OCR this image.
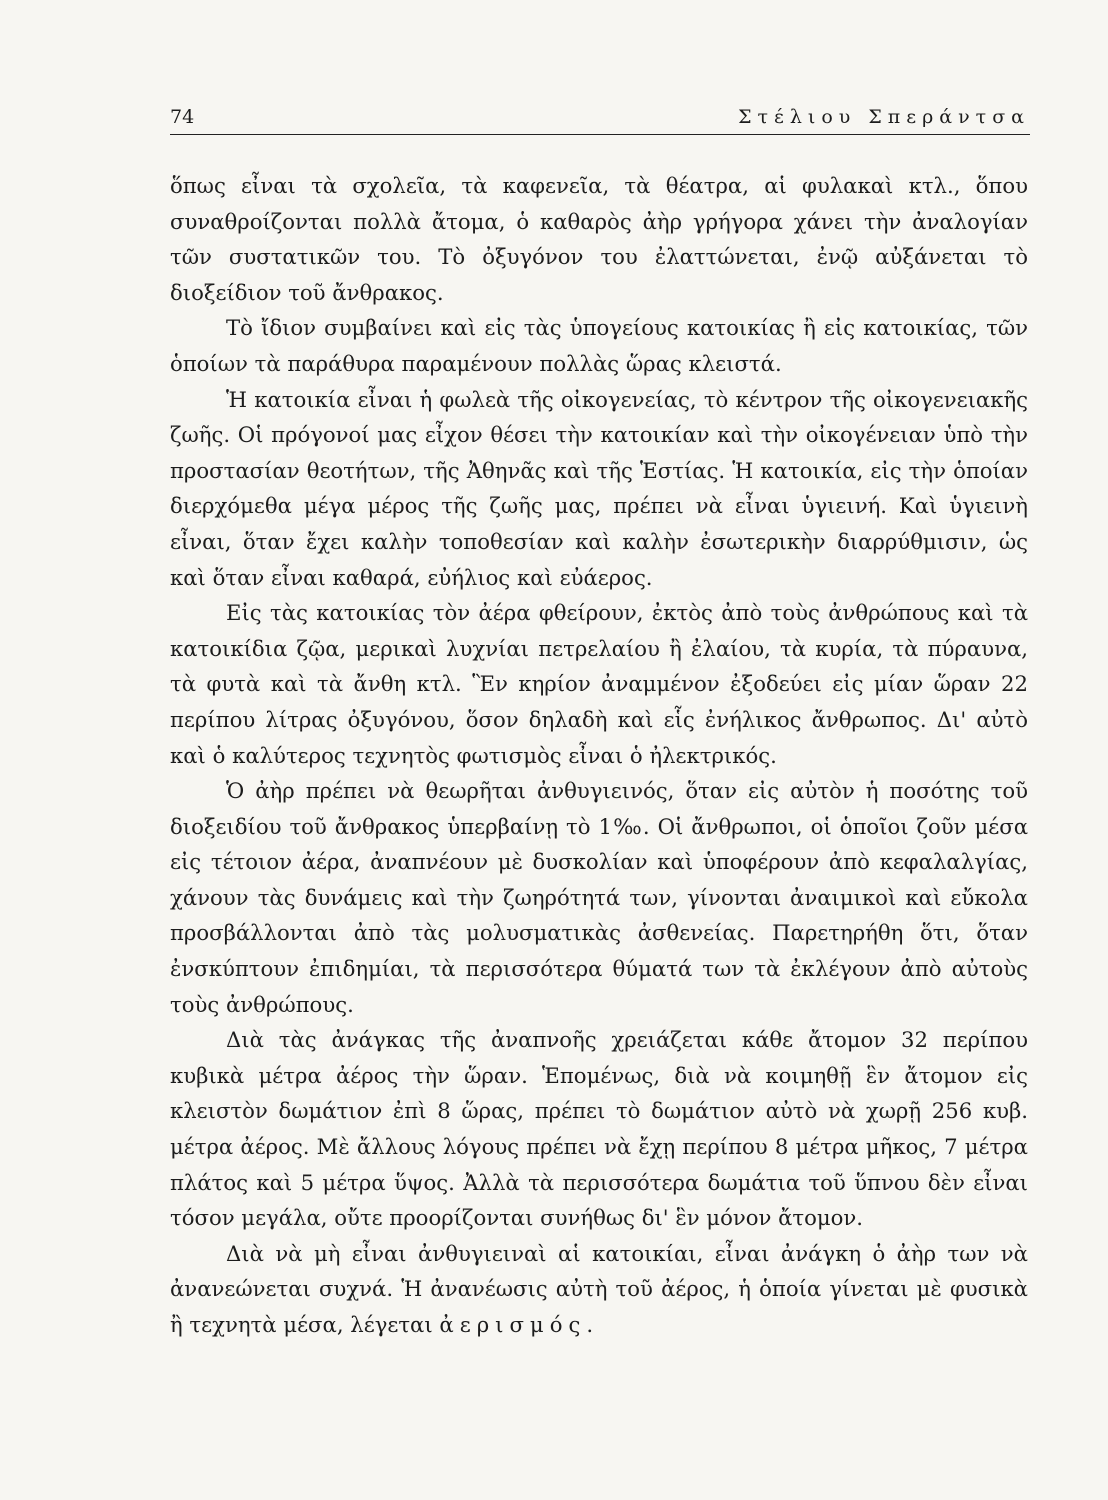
74	Στέλιου Σπεράντσα

ὅπως εἶναι τὰ σχολεῖα, τὰ καφενεῖα, τὰ θέατρα, αἱ φυλακαὶ κτλ., ὅπου συναθροίζονται πολλὰ ἄτομα, ὁ καθαρὸς ἀὴρ γρήγορα χάνει τὴν ἀναλογίαν τῶν συστατικῶν του. Τὸ ὀξυγόνον του ἐλαττώνεται, ἐνῷ αὐξάνεται τὸ διοξείδιον τοῦ ἄνθρακος.

Τὸ ἴδιον συμβαίνει καὶ εἰς τὰς ὑπογείους κατοικίας ἢ εἰς κατοικίας, τῶν ὁποίων τὰ παράθυρα παραμένουν πολλὰς ὥρας κλειστά.

Ἡ κατοικία εἶναι ἡ φωλεὰ τῆς οἰκογενείας, τὸ κέντρον τῆς οἰκογενειακῆς ζωῆς. Οἱ πρόγονοί μας εἶχον θέσει τὴν κατοικίαν καὶ τὴν οἰκογένειαν ὑπὸ τὴν προστασίαν θεοτήτων, τῆς Ἀθηνᾶς καὶ τῆς Ἑστίας. Ἡ κατοικία, εἰς τὴν ὁποίαν διερχόμεθα μέγα μέρος τῆς ζωῆς μας, πρέπει νὰ εἶναι ὑγιεινή. Καὶ ὑγιεινὴ εἶναι, ὅταν ἔχει καλὴν τοποθεσίαν καὶ καλὴν ἐσωτερικὴν διαρρύθμισιν, ὡς καὶ ὅταν εἶναι καθαρά, εὐήλιος καὶ εὐάερος.

Εἰς τὰς κατοικίας τὸν ἀέρα φθείρουν, ἐκτὸς ἀπὸ τοὺς ἀνθρώπους καὶ τὰ κατοικίδια ζῷα, μερικαὶ λυχνίαι πετρελαίου ἢ ἐλαίου, τὰ κυρία, τὰ πύραυνα, τὰ φυτὰ καὶ τὰ ἄνθη κτλ. Ἓν κηρίον ἀναμμένον ἐξοδεύει εἰς μίαν ὥραν 22 περίπου λίτρας ὀξυγόνου, ὅσον δηλαδὴ καὶ εἷς ἐνήλικος ἄνθρωπος. Δι' αὐτὸ καὶ ὁ καλύτερος τεχνητὸς φωτισμὸς εἶναι ὁ ἠλεκτρικός.

Ὁ ἀὴρ πρέπει νὰ θεωρῆται ἀνθυγιεινός, ὅταν εἰς αὐτὸν ἡ ποσότης τοῦ διοξειδίου τοῦ ἄνθρακος ὑπερβαίνῃ τὸ 1‰. Οἱ ἄνθρωποι, οἱ ὁποῖοι ζοῦν μέσα εἰς τέτοιον ἀέρα, ἀναπνέουν μὲ δυσκολίαν καὶ ὑποφέρουν ἀπὸ κεφαλαλγίας, χάνουν τὰς δυνάμεις καὶ τὴν ζωηρότητά των, γίνονται ἀναιμικοὶ καὶ εὔκολα προσβάλλονται ἀπὸ τὰς μολυσματικὰς ἀσθενείας. Παρετηρήθη ὅτι, ὅταν ἐνσκύπτουν ἐπιδημίαι, τὰ περισσότερα θύματά των τὰ ἐκλέγουν ἀπὸ αὐτοὺς τοὺς ἀνθρώπους.

Διὰ τὰς ἀνάγκας τῆς ἀναπνοῆς χρειάζεται κάθε ἄτομον 32 περίπου κυβικὰ μέτρα ἀέρος τὴν ὥραν. Ἑπομένως, διὰ νὰ κοιμηθῇ ἓν ἄτομον εἰς κλειστὸν δωμάτιον ἐπὶ 8 ὥρας, πρέπει τὸ δωμάτιον αὐτὸ νὰ χωρῇ 256 κυβ. μέτρα ἀέρος. Μὲ ἄλλους λόγους πρέπει νὰ ἔχῃ περίπου 8 μέτρα μῆκος, 7 μέτρα πλάτος καὶ 5 μέτρα ὕψος. Ἀλλὰ τὰ περισσότερα δωμάτια τοῦ ὕπνου δὲν εἶναι τόσον μεγάλα, οὔτε προορίζονται συνήθως δι' ἓν μόνον ἄτομον.

Διὰ νὰ μὴ εἶναι ἀνθυγιειναὶ αἱ κατοικίαι, εἶναι ἀνάγκη ὁ ἀὴρ των νὰ ἀνανεώνεται συχνά. Ἡ ἀνανέωσις αὐτὴ τοῦ ἀέρος, ἡ ὁποία γίνεται μὲ φυσικὰ ἢ τεχνητὰ μέσα, λέγεται ἀερισμός.
